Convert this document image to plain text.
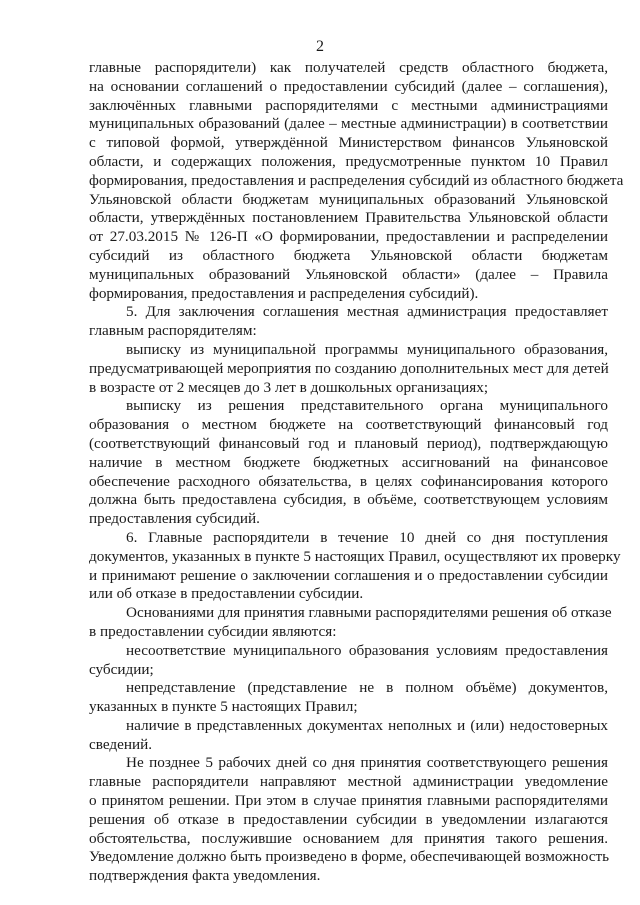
2
главные распорядители) как получателей средств областного бюджета,
на основании соглашений о предоставлении субсидий (далее – соглашения),
заключённых главными распорядителями с местными администрациями
муниципальных образований (далее – местные администрации) в соответствии
с типовой формой, утверждённой Министерством финансов Ульяновской
области, и содержащих положения, предусмотренные пунктом 10 Правил
формирования, предоставления и распределения субсидий из областного бюджета
Ульяновской области бюджетам муниципальных образований Ульяновской
области, утверждённых постановлением Правительства Ульяновской области
от 27.03.2015 № 126-П «О формировании, предоставлении и распределении
субсидий из областного бюджета Ульяновской области бюджетам
муниципальных образований Ульяновской области» (далее – Правила
формирования, предоставления и распределения субсидий).
5. Для заключения соглашения местная администрация предоставляет
главным распорядителям:
выписку из муниципальной программы муниципального образования,
предусматривающей мероприятия по созданию дополнительных мест для детей
в возрасте от 2 месяцев до 3 лет в дошкольных организациях;
выписку из решения представительного органа муниципального
образования о местном бюджете на соответствующий финансовый год
(соответствующий финансовый год и плановый период), подтверждающую
наличие в местном бюджете бюджетных ассигнований на финансовое
обеспечение расходного обязательства, в целях софинансирования которого
должна быть предоставлена субсидия, в объёме, соответствующем условиям
предоставления субсидий.
6. Главные распорядители в течение 10 дней со дня поступления
документов, указанных в пункте 5 настоящих Правил, осуществляют их проверку
и принимают решение о заключении соглашения и о предоставлении субсидии
или об отказе в предоставлении субсидии.
Основаниями для принятия главными распорядителями решения об отказе
в предоставлении субсидии являются:
несоответствие муниципального образования условиям предоставления
субсидии;
непредставление (представление не в полном объёме) документов,
указанных в пункте 5 настоящих Правил;
наличие в представленных документах неполных и (или) недостоверных
сведений.
Не позднее 5 рабочих дней со дня принятия соответствующего решения
главные распорядители направляют местной администрации уведомление
о принятом решении. При этом в случае принятия главными распорядителями
решения об отказе в предоставлении субсидии в уведомлении излагаются
обстоятельства, послужившие основанием для принятия такого решения.
Уведомление должно быть произведено в форме, обеспечивающей возможность
подтверждения факта уведомления.
